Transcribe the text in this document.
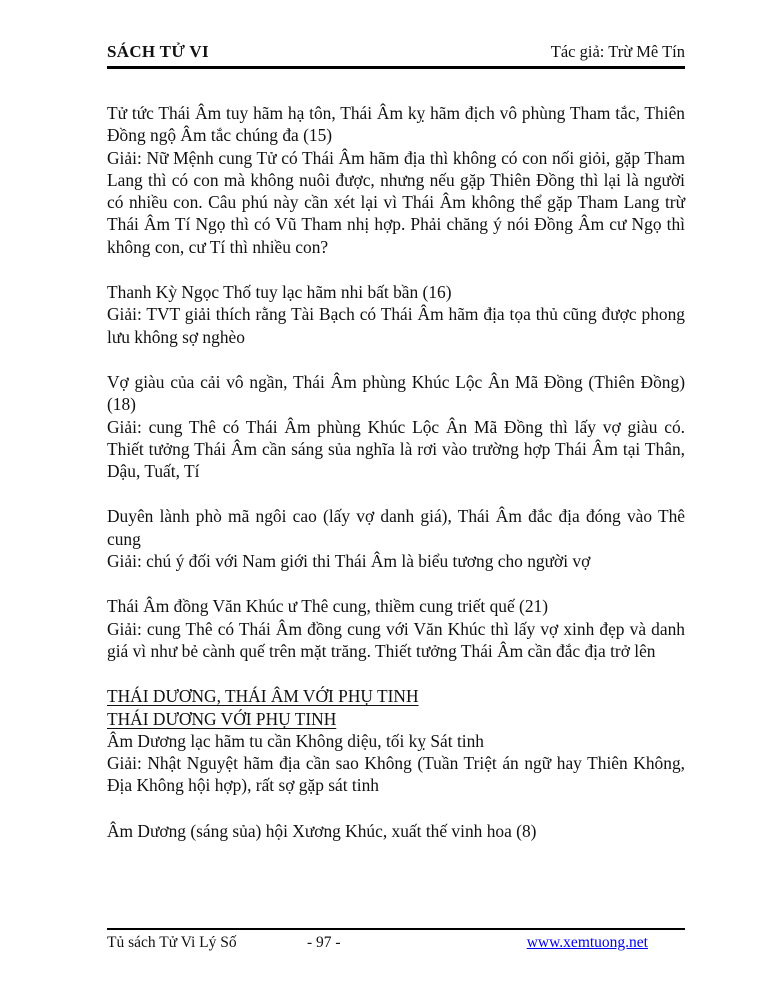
SÁCH TỬ VI	Tác giả: Trừ Mê Tín

Tử tức Thái Âm tuy hãm hạ tôn, Thái Âm kỵ hãm địch vô phùng Tham tắc, Thiên Đồng ngộ Âm tắc chúng đa (15)

Giải: Nữ Mệnh cung Tử có Thái Âm hãm địa thì không có con nối giỏi, gặp Tham Lang thì có con mà không nuôi được, nhưng nếu gặp Thiên Đồng thì lại là người có nhiều con. Câu phú này cần xét lại vì Thái Âm không thể gặp Tham Lang trừ Thái Âm Tí Ngọ thì có Vũ Tham nhị hợp. Phải chăng ý nói Đồng Âm cư Ngọ thì không con, cư Tí thì nhiều con?

Thanh Kỳ Ngọc Thố tuy lạc hãm nhi bất bần (16)

Giải: TVT giải thích rằng Tài Bạch có Thái Âm hãm địa tọa thủ cũng được phong lưu không sợ nghèo

Vợ giàu của cải vô ngần, Thái Âm phùng Khúc Lộc Ân Mã Đồng (Thiên Đồng) (18)

Giải: cung Thê có Thái Âm phùng Khúc Lộc Ân Mã Đồng thì lấy vợ giàu có. Thiết tưởng Thái Âm cần sáng sủa nghĩa là rơi vào trường hợp Thái Âm tại Thân, Dậu, Tuất, Tí

Duyên lành phò mã ngôi cao (lấy vợ danh giá), Thái Âm đắc địa đóng vào Thê cung

Giải: chú ý đối với Nam giới thi Thái Âm là biểu tương cho người vợ

Thái Âm đồng Văn Khúc ư Thê cung, thiềm cung triết quế (21)

Giải: cung Thê có Thái Âm đồng cung với Văn Khúc thì lấy vợ xinh đẹp và danh giá vì như bẻ cành quế trên mặt trăng. Thiết tưởng Thái Âm cần đắc địa trở lên

THÁI DƯƠNG, THÁI ÂM VỚI PHỤ TINH

THÁI DƯƠNG VỚI PHỤ TINH

Âm Dương lạc hãm tu cần Không diệu, tối kỵ Sát tinh

Giải: Nhật Nguyệt hãm địa cần sao Không (Tuần Triệt án ngữ hay Thiên Không, Địa Không hội hợp), rất sợ gặp sát tinh

Âm Dương (sáng sủa) hội Xương Khúc, xuất thế vinh hoa (8)

Tủ sách Tử Vi Lý Số	- 97 -	www.xemtuong.net
